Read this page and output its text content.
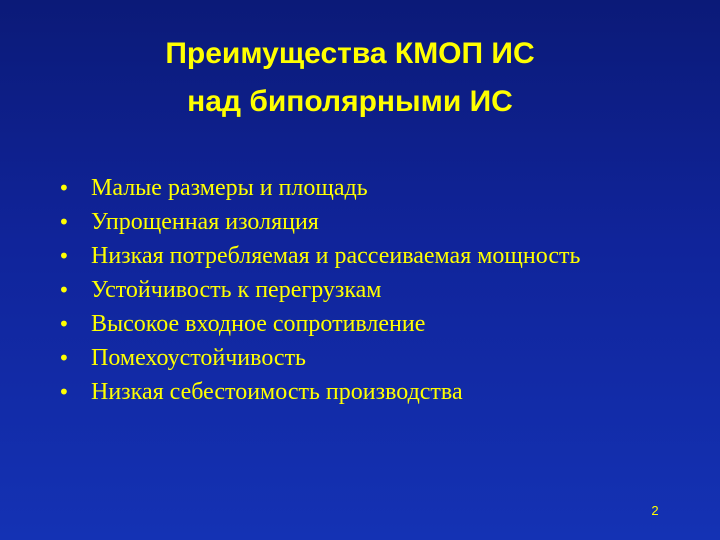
Преимущества КМОП ИС
над биполярными ИС
• Малые размеры и площадь
• Упрощенная изоляция
• Низкая потребляемая и рассеиваемая мощность
• Устойчивость к перегрузкам
• Высокое входное сопротивление
• Помехоустойчивость
• Низкая себестоимость производства
2
